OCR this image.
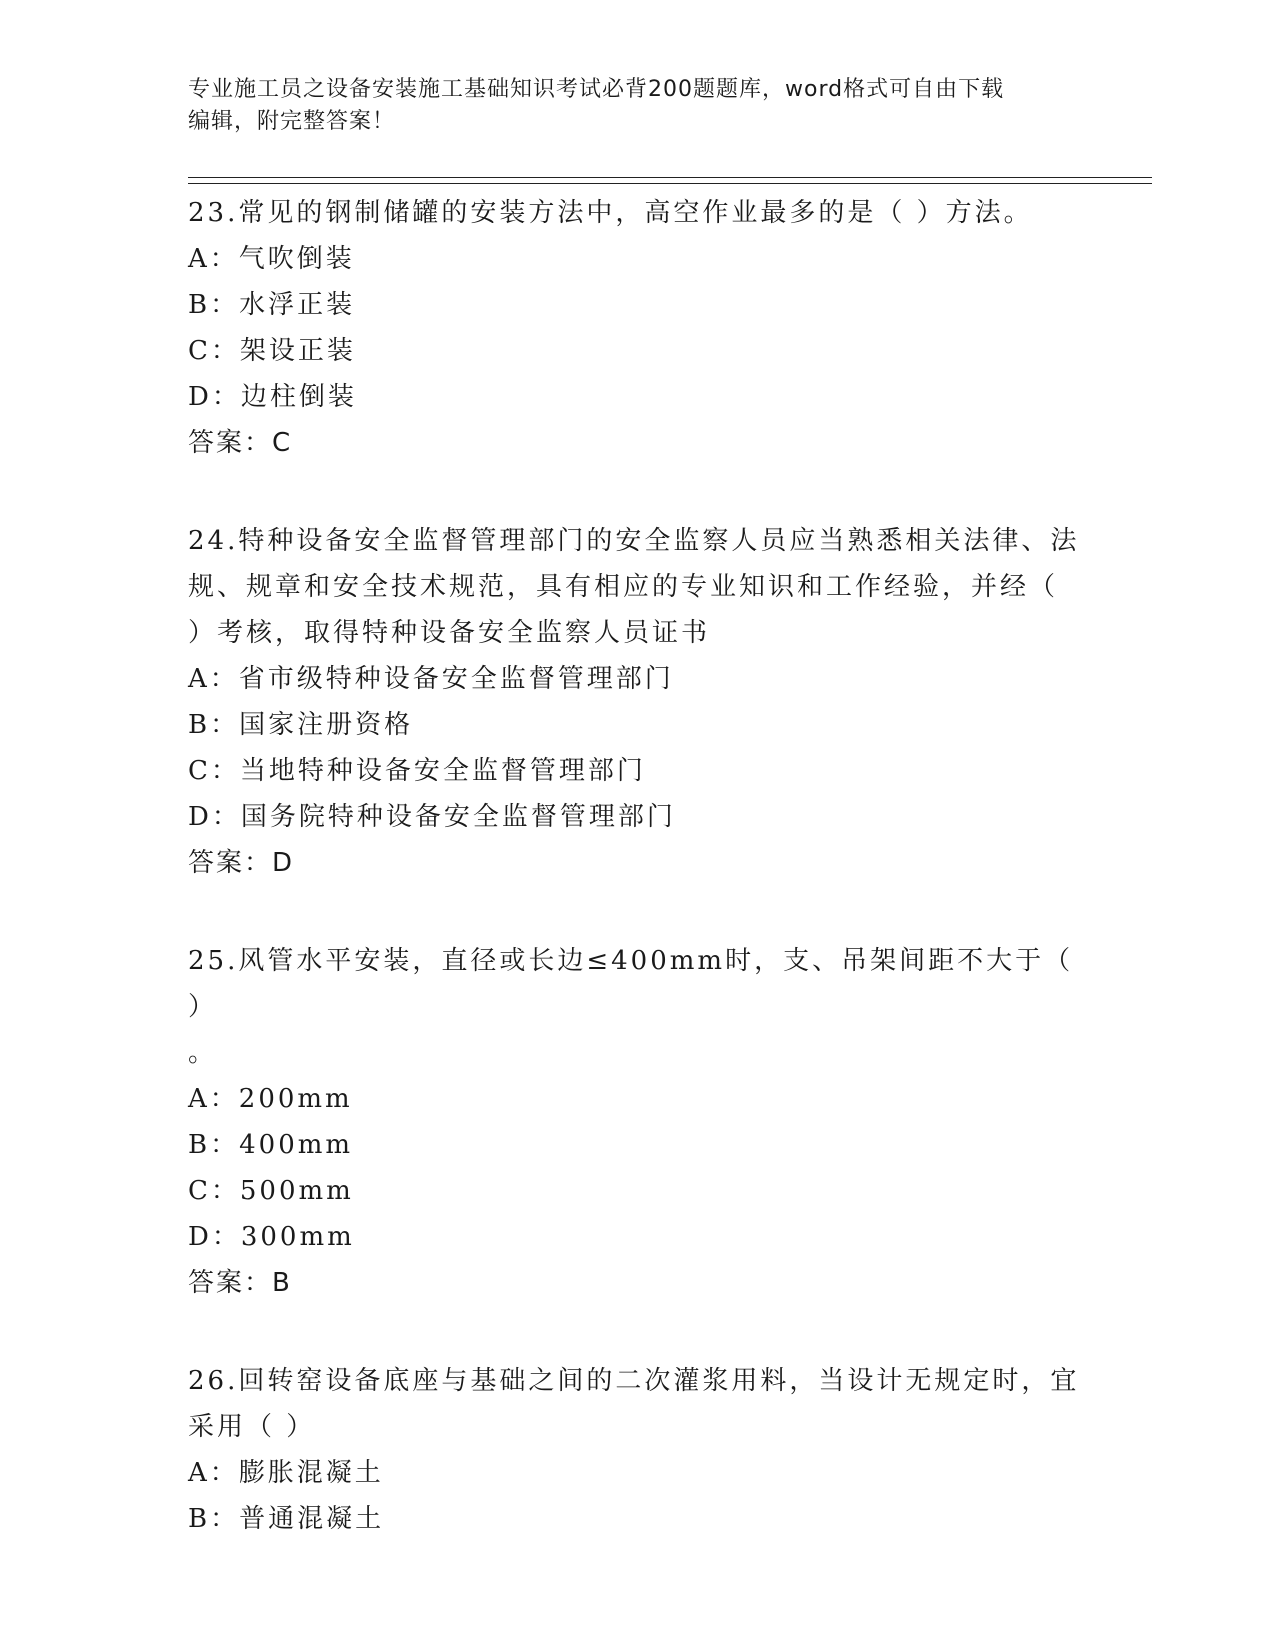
专业施工员之设备安装施工基础知识考试必背200题题库，word格式可自由下载
编辑，附完整答案！
23.常见的钢制储罐的安装方法中，高空作业最多的是（ ）方法。
A：气吹倒装
B：水浮正装
C：架设正装
D：边柱倒装
答案：C
24.特种设备安全监督管理部门的安全监察人员应当熟悉相关法律、法
规、规章和安全技术规范，具有相应的专业知识和工作经验，并经（
）考核，取得特种设备安全监察人员证书
A：省市级特种设备安全监督管理部门
B：国家注册资格
C：当地特种设备安全监督管理部门
D：国务院特种设备安全监督管理部门
答案：D
25.风管水平安装，直径或长边≤400mm时，支、吊架间距不大于（ ）
。
A：200mm
B：400mm
C：500mm
D：300mm
答案：B
26.回转窑设备底座与基础之间的二次灌浆用料，当设计无规定时，宜
采用（ ）
A：膨胀混凝土
B：普通混凝土
